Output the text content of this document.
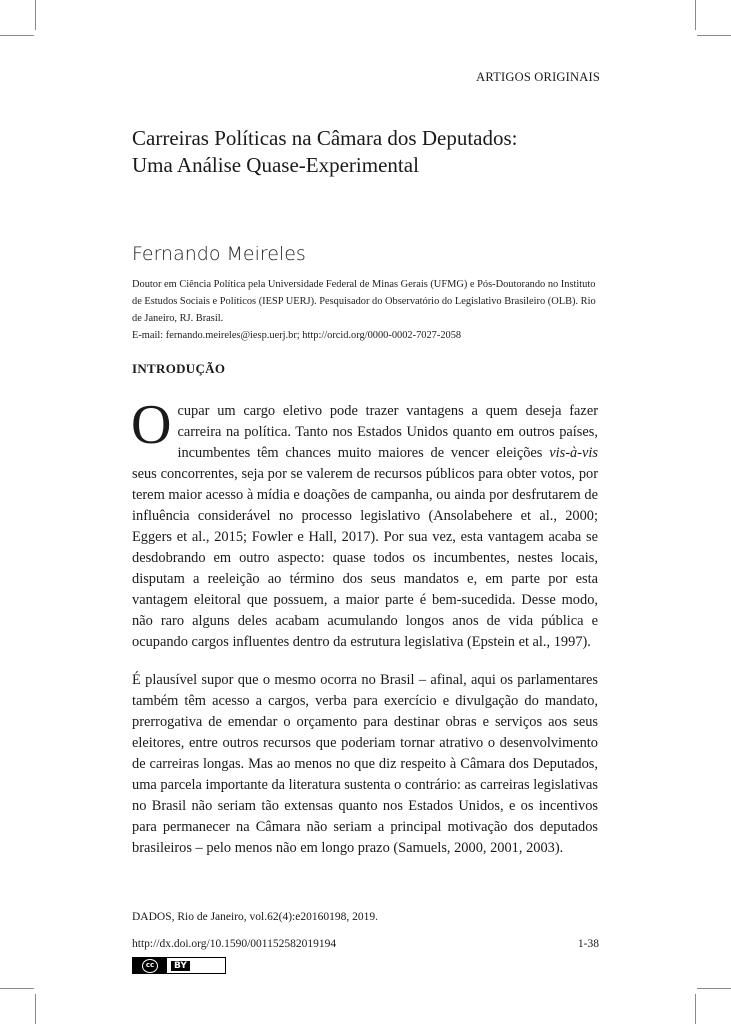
ARTIGOS ORIGINAIS
Carreiras Políticas na Câmara dos Deputados:
Uma Análise Quase-Experimental
Fernando Meireles

Doutor em Ciência Política pela Universidade Federal de Minas Gerais (UFMG) e Pós-Doutorando no Instituto de Estudos Sociais e Políticos (IESP UERJ). Pesquisador do Observatório do Legislativo Brasileiro (OLB). Rio de Janeiro, RJ. Brasil.

E-mail: fernando.meireles@iesp.uerj.br; http://orcid.org/0000-0002-7027-2058

INTRODUÇÃO

Ocupar um cargo eletivo pode trazer vantagens a quem deseja fazer carreira na política. Tanto nos Estados Unidos quanto em outros países, incumbentes têm chances muito maiores de vencer eleições vis-à-vis seus concorrentes, seja por se valerem de recursos públicos para obter votos, por terem maior acesso à mídia e doações de campanha, ou ainda por desfrutarem de influência considerável no processo legislativo (Ansolabehere et al., 2000; Eggers et al., 2015; Fowler e Hall, 2017). Por sua vez, esta vantagem acaba se desdobrando em outro aspecto: quase todos os incumbentes, nestes locais, disputam a reeleição ao término dos seus mandatos e, em parte por esta vantagem eleitoral que possuem, a maior parte é bem-sucedida. Desse modo, não raro alguns deles acabam acumulando longos anos de vida pública e ocupando cargos influentes dentro da estrutura legislativa (Epstein et al., 1997).

É plausível supor que o mesmo ocorra no Brasil – afinal, aqui os parlamentares também têm acesso a cargos, verba para exercício e divulgação do mandato, prerrogativa de emendar o orçamento para destinar obras e serviços aos seus eleitores, entre outros recursos que poderiam tornar atrativo o desenvolvimento de carreiras longas. Mas ao menos no que diz respeito à Câmara dos Deputados, uma parcela importante da literatura sustenta o contrário: as carreiras legislativas no Brasil não seriam tão extensas quanto nos Estados Unidos, e os incentivos para permanecer na Câmara não seriam a principal motivação dos deputados brasileiros – pelo menos não em longo prazo (Samuels, 2000, 2001, 2003).

DADOS, Rio de Janeiro, vol.62(4):e20160198, 2019.
http://dx.doi.org/10.1590/001152582019194	1-38
cc	BY
